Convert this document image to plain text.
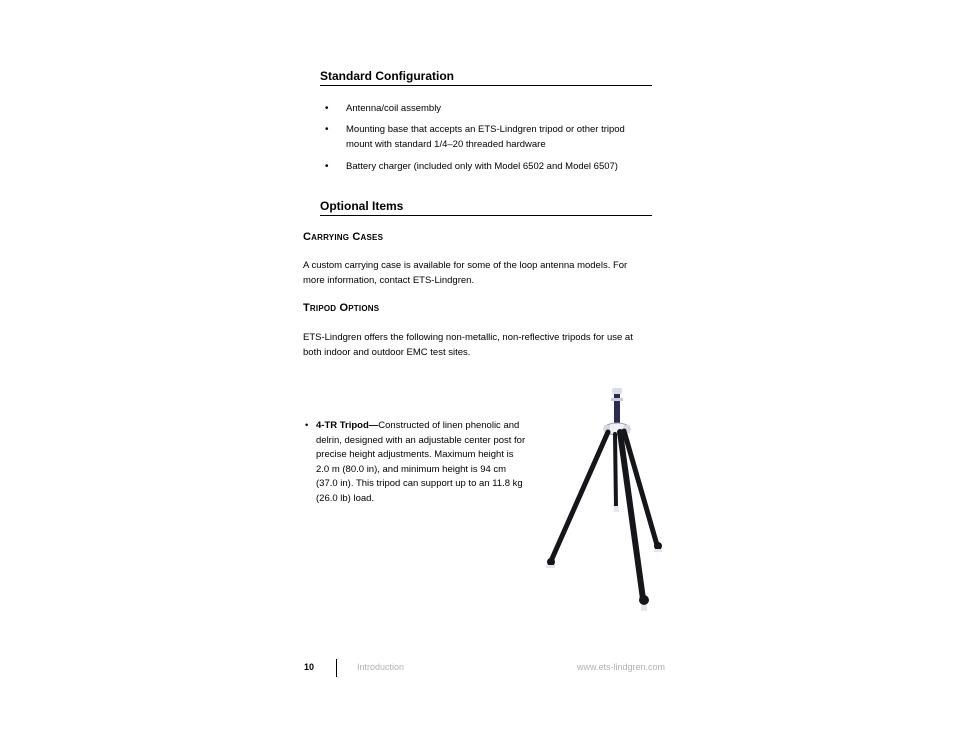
Standard Configuration
• Antenna/coil assembly
• Mounting base that accepts an ETS-Lindgren tripod or other tripod mount with standard 1/4–20 threaded hardware
• Battery charger (included only with Model 6502 and Model 6507)
Optional Items
Carrying Cases

A custom carrying case is available for some of the loop antenna models. For more information, contact ETS-Lindgren.

Tripod Options

ETS-Lindgren offers the following non-metallic, non-reflective tripods for use at both indoor and outdoor EMC test sites.

• 4-TR Tripod—Constructed of linen phenolic and delrin, designed with an adjustable center post for precise height adjustments. Maximum height is 2.0 m (80.0 in), and minimum height is 94 cm (37.0 in). This tripod can support up to an 11.8 kg (26.0 lb) load.
10	Introduction	www.ets-lindgren.com
